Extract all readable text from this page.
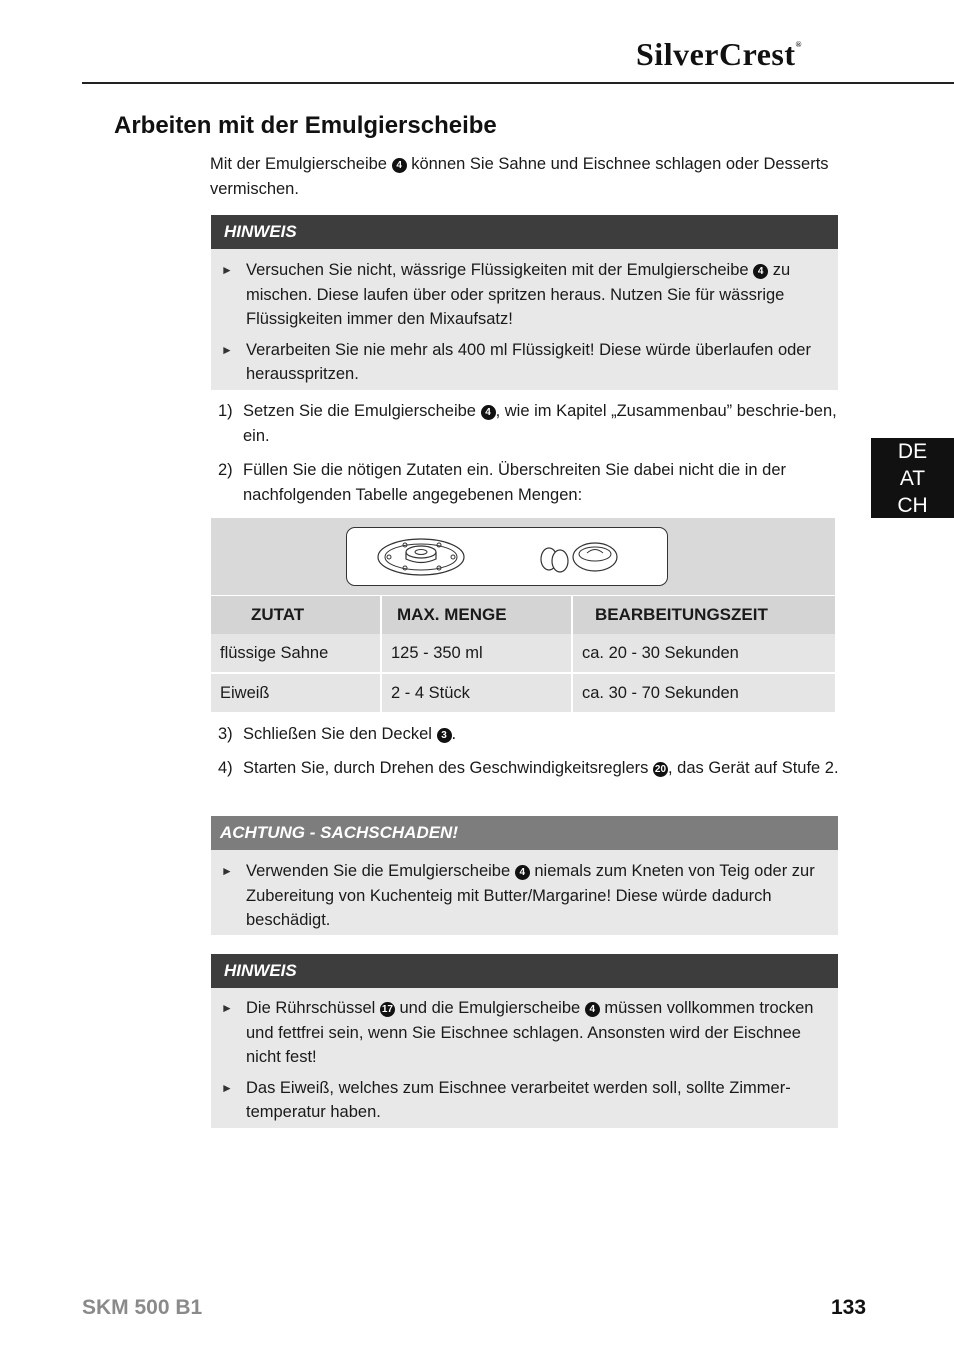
SilverCrest®
Arbeiten mit der Emulgierscheibe
Mit der Emulgierscheibe 4 können Sie Sahne und Eischnee schlagen oder Desserts vermischen.
HINWEIS
► Versuchen Sie nicht, wässrige Flüssigkeiten mit der Emulgierscheibe 4 zu mischen. Diese laufen über oder spritzen heraus. Nutzen Sie für wässrige Flüssigkeiten immer den Mixaufsatz!
► Verarbeiten Sie nie mehr als 400 ml Flüssigkeit! Diese würde überlaufen oder herausspritzen.
1) Setzen Sie die Emulgierscheibe 4 , wie im Kapitel „Zusammenbau” beschrie-ben, ein.
2) Füllen Sie die nötigen Zutaten ein. Überschreiten Sie dabei nicht die in der nachfolgenden Tabelle angegebenen Mengen:
DE
AT
CH
ZUTAT	MAX. MENGE	BEARBEITUNGSZEIT
flüssige Sahne	125 - 350 ml	ca. 20 - 30 Sekunden
Eiweiß	2 - 4 Stück	ca. 30 - 70 Sekunden
3) Schließen Sie den Deckel 3 .
4) Starten Sie, durch Drehen des Geschwindigkeitsreglers 20 , das Gerät auf Stufe 2.
ACHTUNG - SACHSCHADEN!
► Verwenden Sie die Emulgierscheibe 4 niemals zum Kneten von Teig oder zur Zubereitung von Kuchenteig mit Butter/Margarine! Diese würde dadurch beschädigt.
HINWEIS
► Die Rührschüssel 17 und die Emulgierscheibe 4 müssen vollkommen trocken und fettfrei sein, wenn Sie Eischnee schlagen. Ansonsten wird der Eischnee nicht fest!
► Das Eiweiß, welches zum Eischnee verarbeitet werden soll, sollte Zimmer-temperatur haben.
SKM 500 B1	133
